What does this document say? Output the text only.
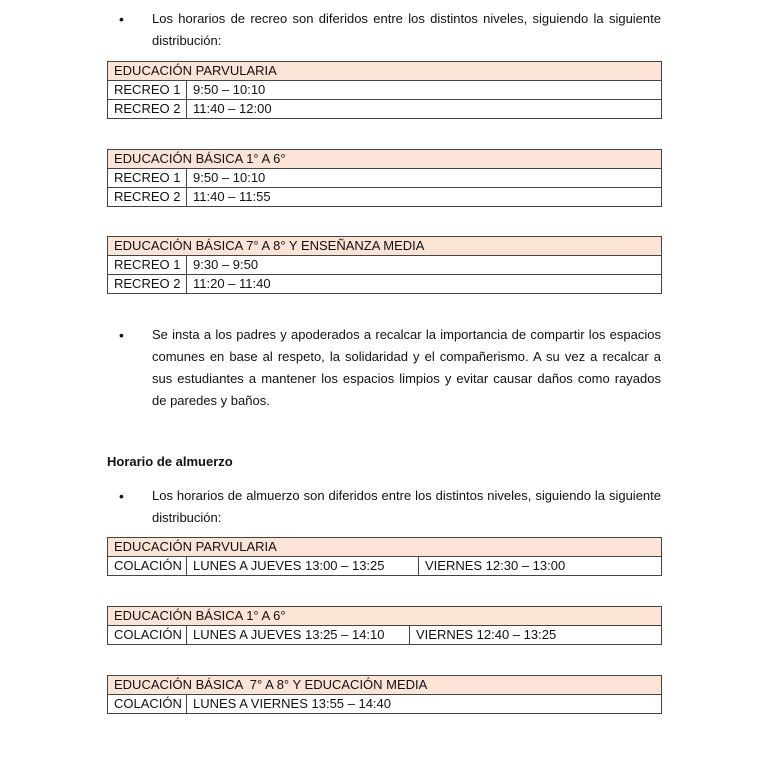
•
Los horarios de recreo son diferidos entre los distintos niveles, siguiendo la siguiente distribución:
EDUCACIÓN PARVULARIA	
RECREO 1	9:50 – 10:10
RECREO 2	11:40 – 12:00
EDUCACIÓN BÁSICA 1° A 6°	
RECREO 1	9:50 – 10:10
RECREO 2	11:40 – 11:55
EDUCACIÓN BÁSICA 7° A 8° Y ENSEÑANZA MEDIA	
RECREO 1	9:30 – 9:50
RECREO 2	11:20 – 11:40
•
Se insta a los padres y apoderados a recalcar la importancia de compartir los espacios comunes en base al respeto, la solidaridad y el compañerismo. A su vez a recalcar a sus estudiantes a mantener los espacios limpios y evitar causar daños como rayados de paredes y baños.
Horario de almuerzo
•
Los horarios de almuerzo son diferidos entre los distintos niveles, siguiendo la siguiente distribución:
EDUCACIÓN PARVULARIA
COLACIÓN	LUNES A JUEVES 13:00 – 13:25	VIERNES 12:30 – 13:00
EDUCACIÓN BÁSICA 1° A 6°
COLACIÓN	LUNES A JUEVES 13:25 – 14:10	VIERNES 12:40 – 13:25
EDUCACIÓN BÁSICA  7° A 8° Y EDUCACIÓN MEDIA
COLACIÓN	LUNES A VIERNES 13:55 – 14:40
